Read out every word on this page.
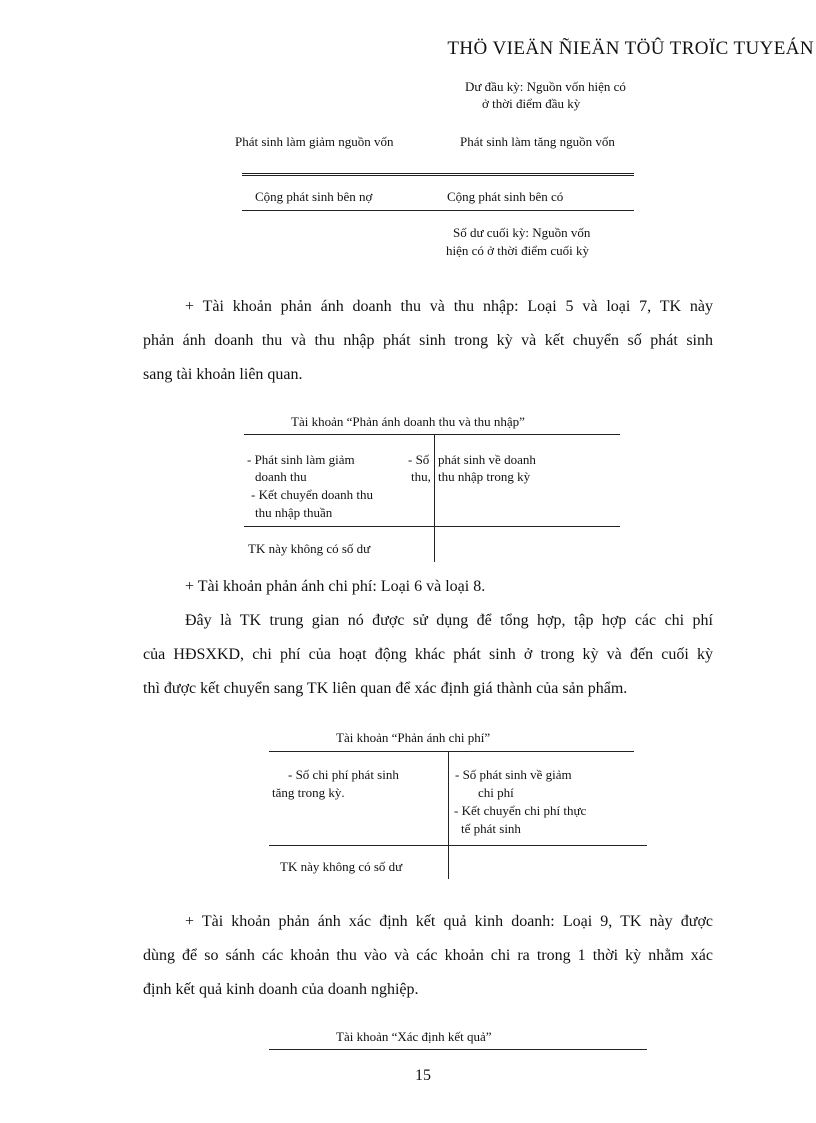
THÖ VIEÄN ÑIEÄN TÖÛ TROÏC TUYEÁN
Dư đầu kỳ: Nguồn vốn hiện có
ở thời điểm đầu kỳ
Phát sinh làm giảm nguồn vốn	Phát sinh làm tăng nguồn vốn
Cộng phát sinh bên nợ	Cộng phát sinh bên có
Số dư cuối kỳ: Nguồn vốn
hiện có ở thời điểm cuối kỳ
+ Tài khoản phản ánh doanh thu và thu nhập: Loại 5 và loại 7, TK này
phản ánh doanh thu và thu nhập phát sinh trong kỳ và kết chuyển số phát sinh
sang tài khoản liên quan.
Tài khoản “Phản ánh doanh thu và thu nhập”
- Phát sinh làm giảm
doanh thu
- Kết chuyển doanh thu
thu nhập thuần
- Số
thu,
phát sinh về doanh
thu nhập trong kỳ
TK này không có số dư
+ Tài khoản phản ánh chi phí: Loại 6 và loại 8.
Đây là TK trung gian nó được sử dụng để tổng hợp, tập hợp các chi phí
của HĐSXKD, chi phí của hoạt động khác phát sinh ở trong kỳ và đến cuối kỳ
thì được kết chuyển sang TK liên quan để xác định giá thành của sản phẩm.
Tài khoản “Phản ánh chi phí”
- Số chi phí phát sinh
tăng trong kỳ.
- Số phát sinh về giảm
chi phí
- Kết chuyển chi phí thực
tế phát sinh
TK này không có số dư
+ Tài khoản phản ánh xác định kết quả kinh doanh: Loại 9, TK này được
dùng để so sánh các khoản thu vào và các khoản chi ra trong 1 thời kỳ nhằm xác
định kết quả kinh doanh của doanh nghiệp.
Tài khoản “Xác định kết quả”
15
